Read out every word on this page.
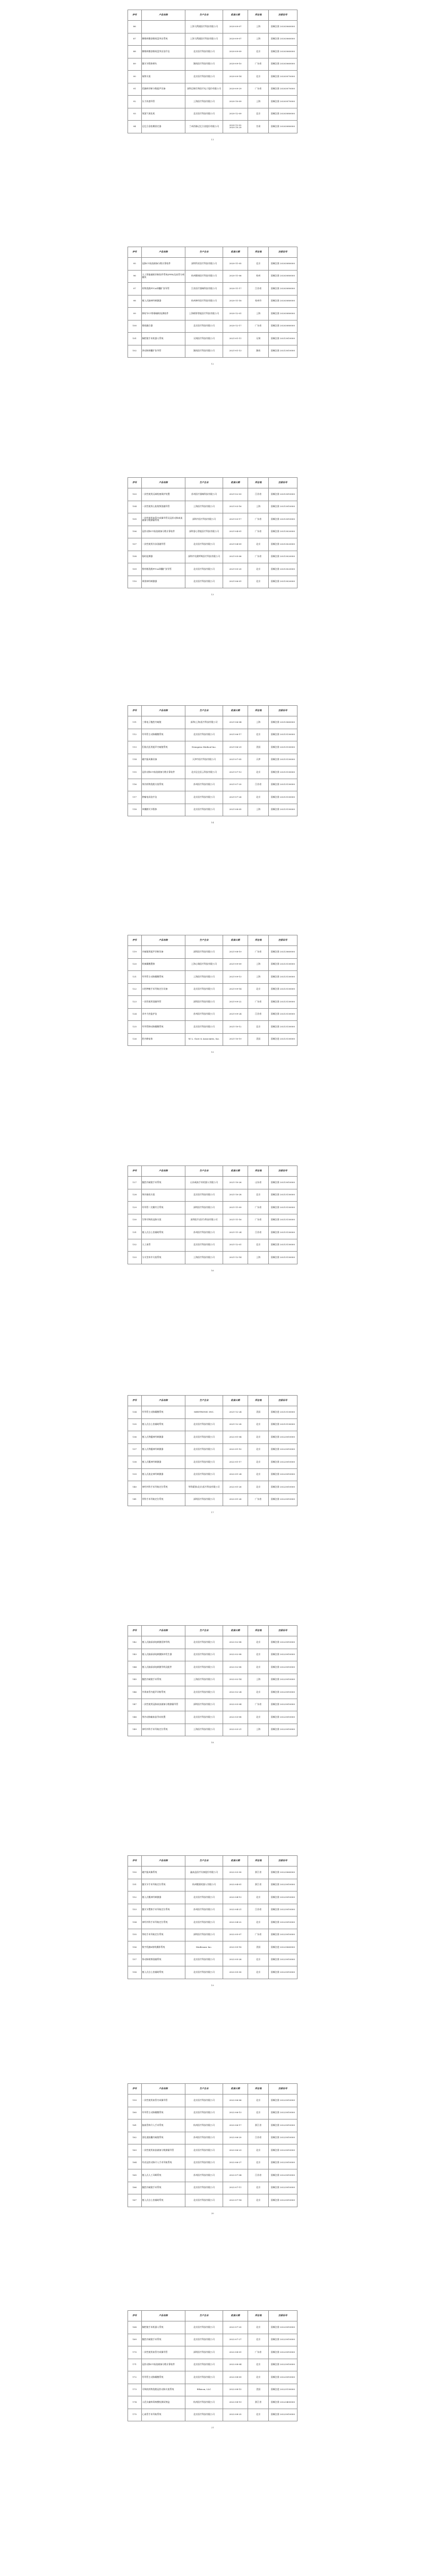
序号	产品名称	生产企业	批准日期	所在地	注册证号
86		上海飞利浦医疗科技有限公司	2020-09-07	上海	国械注准 20203060000
87	腰椎病微创椎间盘突出系统	上海飞利浦医疗科技有限公司	2020-09-07	上海	国械注准 20203060000
88	腰椎病微创椎间盘突出治疗仪	北京医疗科技有限公司	2020-09-09	北京	国械注准 20203060000
89	髋关节假体柄头	湖南医疗科技有限公司	2020-09-10	广东省	国械注准 20203060000
90	取物支架	北京医疗科技有限公司	2020-09-14	北京	国械注准 20203070000
91	乳腺病诊断分数超声设备	深圳迈瑞生物医疗电子股份有限公司	2020-09-29	广东省	国械注准 20203070000
92	压力传感导管	上海医疗科技有限公司	2020-10-09	上海	国械注准 20203070000
93	氧氮气氧化机	北京医疗科技有限公司	2020-12-09	北京	国械注准 20203080000
94	记忆合金松鞘固定器	兰州西脉记忆合金股份有限公司	2020-12-02 2020.10.20	甘肃	国械注准 20203080000
11
序号	产品名称	生产企业	批准日期	所在地	注册证号
95	冠脉CT血流储备分数计算软件	深圳科亚医疗科技有限公司	2020-11-05	北京	国械注准 20203080000
96	人工智能辅助诊断软件系统(FFR)及血管分析模块	杭州健康医疗科技有限公司	2020-11-06	杭州	国械注准 20203080000
97	药物洗脱PTCA球囊扩张导管	江苏医疗器械科技有限公司	2020-11-17	江苏省	国械注准 20203080000
98	植入式脑神经刺激器	杭州神经医疗科技有限公司	2020-11-18	杭州市	国械注准 20203080000
99	肺结节CT影像辅助检测软件	上海联影智能医疗科技有限公司	2020-12-01	上海	国械注准 20203080000
100	椎间融合器	北京医疗科技有限公司	2020-12-17	广东省	国械注准 20203080000
101	胸腔镜手术机器人系统	无锡医疗科技有限公司	2021-01-11	无锡	国械注准 20213010000
102	颈动脉球囊扩张导管	湖南医疗科技有限公司	2021-01-13	湖南	国械注准 20213010000
12
序号	产品名称	生产企业	批准日期	所在地	注册证号
103	一次性使用远端栓塞保护装置	苏州医疗器械科技有限公司	2021-02-03	江苏省	国械注准 20213010000
104	一次性使用心脏射频消融导管	上海医疗科技有限公司	2021-03-16	上海	国械注准 20213010000
105	一次性使用血管内成像导管及冠状动脉血流储备分数测量系统	深圳市医疗科技有限公司	2021-03-17	广东省	国械注准 20213010000
106	冠状动脉CT血流储备分数计算软件	深圳睿心智能医疗科技有限公司	2021-04-01	广东省	国械注准 20213020000
107	一次性使用冷冻消融导管	北京医疗科技有限公司	2021-04-09	北京	国械注准 20213020000
108	临时起搏器	深圳市先健呼吸医疗科技有限公司	2021-05-06	广东省	国械注准 20213020000
109	紫杉醇洗脱PTCA球囊扩张导管	北京医疗科技有限公司	2021-05-20	北京	国械注准 20213020000
110	周围神经刺激器	北京医疗科技有限公司	2021-06-01	北京	国械注准 20213020000
13
序号	产品名称	生产企业	批准日期	所在地	注册证号
111	三维电子腹腔内窥镜	深圳(上海)医疗科技有限公司	2021-06-04	上海	国械注准 20213060000
112	经导管主动脉瓣膜系统	北京医疗科技有限公司	2021-06-17	北京	国械注准 20213130000
113	肛肠式医用超声内窥镜系统	Neuspera Medical Inc.	2021-06-29	美国	国械注准 20213130000
114	磁共振成像设备	天津市医疗科技有限公司	2021-07-05	天津	国械注准 20213130000
115	冠状动脉CT血流储备分数计算软件	北京昆仑医云科技有限公司	2021-07-13	北京	国械注准 20213130000
116	颅内药物洗脱支架系统	苏州医疗科技有限公司	2021-07-20	江苏省	国械注准 20213130000
117	肿瘤电场治疗仪	北京医疗科技有限公司	2021-07-26	北京	国械注准 20213130000
118	单髁膝关节假体	北京医疗科技有限公司	2021-08-05	上海	国械注准 20213130000
14
序号	产品名称	生产企业	批准日期	所在地	注册证号
119	内窥镜用超声诊断设备	深圳医疗科技有限公司	2021-08-19	广东省	国械注准 20213060000
120	机械瓣膜置换	上海心瑞医疗科技有限公司	2021-09-09	上海	国械注准 20213130000
121	经导管主动脉瓣膜系统	上海医疗科技有限公司	2021-09-13	上海	国械注准 20213130000
122	口腔种植手术导航定位设备	北京医疗科技有限公司	2021-09-14	北京	国械注准 20213130000
123	一次性使用消融导管	深圳医疗科技有限公司	2021-09-22	广东省	国械注准 20213130000
124	术中力控监护仪	苏州医疗科技有限公司	2021-09-24	江苏省	国械注准 20213130000
125	经导管肺动脉瓣膜系统	北京医疗科技有限公司	2021-10-12	北京	国械注准 20213130000
126	腔内修复体	W. L. Gore & Associates, Inc.	2021-10-19	美国	国械注进 20213130000
15
序号	产品名称	生产企业	批准日期	所在地	注册证号
127	腹腔内窥镜手术系统	山东威高手术机器人有限公司	2021-10-26	山东省	国械注准 20213010000
128	颅内取栓支架	北京医疗科技有限公司	2021-10-28	北京	国械注准 20213130000
129	经导管二尖瓣夹合系统	深圳医疗科技有限公司	2021-11-09	广东省	国械注准 20213130000
130	生物可吸收冠脉支架	深圳医疗(医疗)科技有限公司	2021-11-16	广东省	国械注准 20213130000
131	植入式左心室辅助系统	苏州医疗科技有限公司	2021-11-24	江苏省	国械注准 20213130000
132	人工血管	北京医疗科技有限公司	2021-12-01	北京	国械注准 20213130000
133	分支型术中支架系统	上海医疗科技有限公司	2021-12-14	上海	国械注准 20213130000
16
序号	产品名称	生产企业	批准日期	所在地	注册证号
134	经导管主动脉瓣膜系统	MEDTRONIC INC.	2021-12-24	美国	国械注进 20213130000
135	植入式左心室辅助系统	北京医疗科技有限公司	2021-12-28	北京	国械注准 20213130000
136	植入式脊髓神经刺激器	北京医疗科技有限公司	2022-01-04	北京	国械注准 20223010000
137	植入式脊髓神经刺激器	北京医疗科技有限公司	2022-01-10	北京	国械注准 20223010000
138	植入式骶神经刺激器	北京医疗科技有限公司	2022-01-17	北京	国械注准 20223010000
139	植入式迷走神经刺激器	北京医疗科技有限公司	2022-01-24	北京	国械注准 20223010000
140	神经外科手术导航定位系统	华科精准(北京)医疗科技有限公司	2022-01-26	北京	国械注准 20223010000
141	骨科手术导航定位系统	深圳医疗科技有限公司	2022-01-26	广东省	国械注准 20223010000
17
序号	产品名称	生产企业	批准日期	所在地	注册证号
142	植入式脑深部电刺激延伸导线	北京医疗科技有限公司	2022-02-08	北京	国械注准 20223010000
143	植入式脑深部电刺激脉冲发生器	北京医疗科技有限公司	2022-02-08	北京	国械注准 20223010000
144	植入式脑深部电刺激导线及配件	北京医疗科技有限公司	2022-02-08	北京	国械注准 20223010000
145	腹腔内窥镜手术系统	上海医疗科技有限公司	2022-02-14	上海	国械注准 20223010000
146	外周血管内超声诊断系统	北京医疗科技有限公司	2022-02-24	北京	国械注准 20223010000
147	一次性使用冠脉血流储备分数测量导管	深圳医疗科技有限公司	2022-03-04	广东省	国械注准 20223010000
148	颅内动脉瘤血流导向装置	北京医疗科技有限公司	2022-03-08	北京	国械注准 20223010000
149	神经外科手术导航定位系统	上海医疗科技有限公司	2022-03-21	上海	国械注准 20223010000
18
序号	产品名称	生产企业	批准日期	所在地	注册证号
150	磁共振成像系统	鑫高益医疗设备股份有限公司	2022-03-30	浙江省	国械注准 20223060000
151	髋关节手术导航定位系统	杭州键嘉机器人有限公司	2022-04-01	浙江省	国械注准 20223010000
152	植入式骶神经刺激器	北京医疗科技有限公司	2022-04-13	北京	国械注准 20223010000
153	髋关节置换手术导航定位系统	苏州医疗科技有限公司	2022-04-21	江苏省	国械注准 20223010000
154	神经外科手术导航定位系统	北京医疗科技有限公司	2022-04-22	北京	国械注准 20223010000
155	脊柱手术导航定位系统	深圳医疗科技有限公司	2022-05-07	广东省	国械注准 20223010000
156	数字乳腺X射线摄影系统	Medtronic Inc.	2022-05-18	美国	国械注进 20223060000
157	肾动脉射频消融系统	北京医疗科技有限公司	2022-05-26	北京	国械注准 20223010000
158	植入式左心室辅助系统	北京医疗科技有限公司	2022-05-30	北京	国械注准 20223010000
19
序号	产品名称	生产企业	批准日期	所在地	注册证号
159	一次性使用血管内成像导管	北京医疗科技有限公司	2022-06-06	北京	国械注准 20223010000
160	经导管主动脉瓣膜系统	北京医疗科技有限公司	2022-06-13	北京	国械注准 20223010000
161	脑血管病介入手术系统	杭州医疗科技有限公司	2022-06-17	浙江省	国械注准 20223010000
162	消化道胶囊内窥镜系统	苏州医疗科技有限公司	2022-06-20	江苏省	国械注准 20223010000
163	一次性使用血流储备分数测量导管	北京医疗科技有限公司	2022-06-23	北京	国械注准 20223010000
164	经皮冠状动脉介入手术导航系统	北京医疗科技有限公司	2022-06-27	北京	国械注准 20223010000
165	植入式人工耳蜗系统	苏州医疗科技有限公司	2022-07-04	江苏省	国械注准 20223010000
166	腹腔内窥镜手术系统	北京医疗科技有限公司	2022-07-11	北京	国械注准 20223010000
167	植入式左心室辅助系统	北京医疗科技有限公司	2022-07-14	北京	国械注准 20223010000
20
序号	产品名称	生产企业	批准日期	所在地	注册证号
168	胸腔镜手术机器人系统	北京医疗科技有限公司	2022-07-20	北京	国械注准 20223010000
169	腹腔内窥镜手术系统	北京医疗科技有限公司	2022-07-27	北京	国械注准 20223010000
170	一次性使用血管内成像导管	深圳医疗科技有限公司	2022-08-01	广东省	国械注准 20223010000
171	冠状动脉CT血流储备分数计算软件	北京医疗科技有限公司	2022-08-04	北京	国械注准 20223010000
172	经导管主动脉瓣膜系统	北京医疗科技有限公司	2022-08-09	北京	国械注准 20223010000
173	可吸收药物洗脱冠状动脉支架系统	Ethicon, LLC	2022-08-15	美国	国械注进 20223130000
174	人乳头瘤病毒核酸检测试剂盒	杭州医疗科技有限公司	2022-08-19	浙江省	国械注准 20223400000
175	心血管手术导航系统	北京医疗科技有限公司	2022-08-25	北京	国械注准 20223010000
21
